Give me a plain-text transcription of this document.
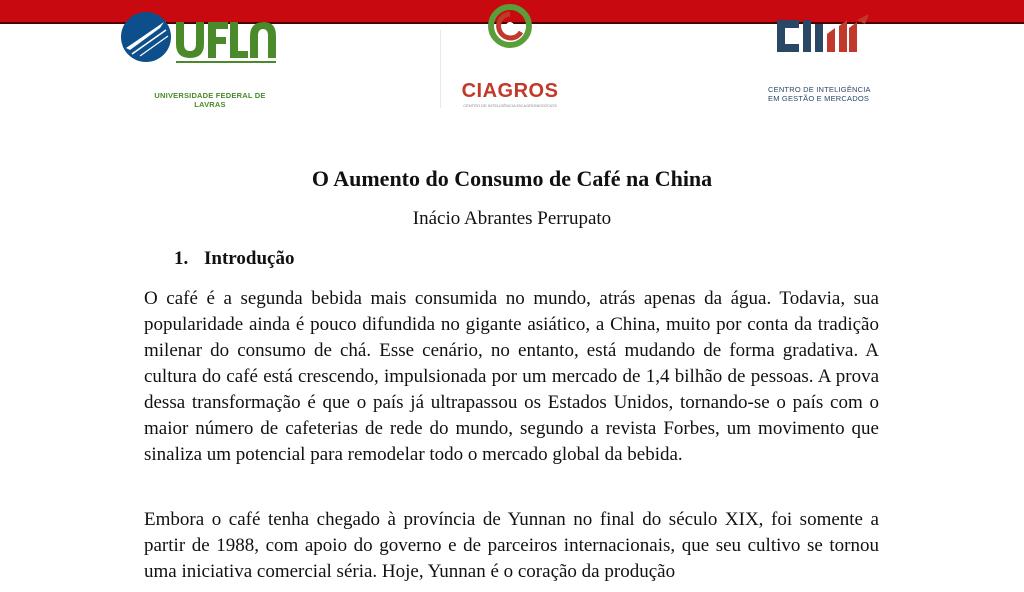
UNIVERSIDADE FEDERAL DE LAVRAS
CIAGROS
CENTRO DE INTELIGÊNCIA EM AGRONEGÓCIOS
CENTRO DE INTELIGÊNCIA
EM GESTÃO E MERCADOS
O Aumento do Consumo de Café na China

Inácio Abrantes Perrupato

1. Introdução

O café é a segunda bebida mais consumida no mundo, atrás apenas da água. Todavia, sua popularidade ainda é pouco difundida no gigante asiático, a China, muito por conta da tradição milenar do consumo de chá. Esse cenário, no entanto, está mudando de forma gradativa. A cultura do café está crescendo, impulsionada por um mercado de 1,4 bilhão de pessoas. A prova dessa transformação é que o país já ultrapassou os Estados Unidos, tornando-se o país com o maior número de cafeterias de rede do mundo, segundo a revista Forbes, um movimento que sinaliza um potencial para remodelar todo o mercado global da bebida.

Embora o café tenha chegado à província de Yunnan no final do século XIX, foi somente a partir de 1988, com apoio do governo e de parceiros internacionais, que seu cultivo se tornou uma iniciativa comercial séria. Hoje, Yunnan é o coração da produção
